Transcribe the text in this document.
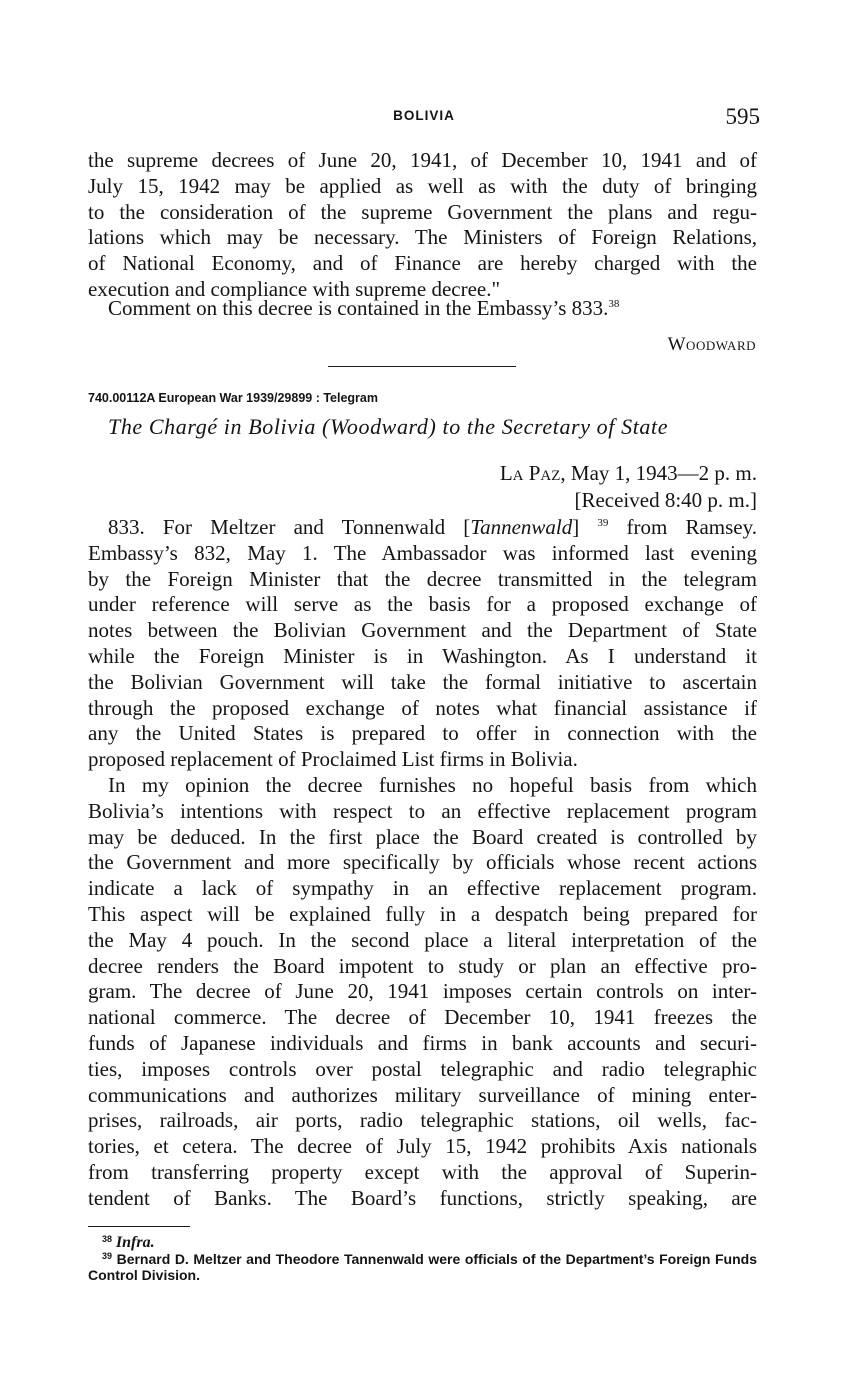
BOLIVIA	595
the supreme decrees of June 20, 1941, of December 10, 1941 and of
July 15, 1942 may be applied as well as with the duty of bringing
to the consideration of the supreme Government the plans and regu-
lations which may be necessary. The Ministers of Foreign Relations,
of National Economy, and of Finance are hereby charged with the
execution and compliance with supreme decree."
Comment on this decree is contained in the Embassy’s 833.38
Woodward
740.00112A European War 1939/29899 : Telegram
The Chargé in Bolivia (Woodward) to the Secretary of State
La Paz, May 1, 1943—2 p. m.
[Received 8:40 p. m.]
833. For Meltzer and Tonnenwald [Tannenwald] $^{39}$ from Ramsey.
Embassy’s 832, May 1. The Ambassador was informed last evening
by the Foreign Minister that the decree transmitted in the telegram
under reference will serve as the basis for a proposed exchange of
notes between the Bolivian Government and the Department of State
while the Foreign Minister is in Washington. As I understand it
the Bolivian Government will take the formal initiative to ascertain
through the proposed exchange of notes what financial assistance if
any the United States is prepared to offer in connection with the
proposed replacement of Proclaimed List firms in Bolivia.
In my opinion the decree furnishes no hopeful basis from which
Bolivia’s intentions with respect to an effective replacement program
may be deduced. In the first place the Board created is controlled by
the Government and more specifically by officials whose recent actions
indicate a lack of sympathy in an effective replacement program.
This aspect will be explained fully in a despatch being prepared for
the May 4 pouch. In the second place a literal interpretation of the
decree renders the Board impotent to study or plan an effective pro-
gram. The decree of June 20, 1941 imposes certain controls on inter-
national commerce. The decree of December 10, 1941 freezes the
funds of Japanese individuals and firms in bank accounts and securi-
ties, imposes controls over postal telegraphic and radio telegraphic
communications and authorizes military surveillance of mining enter-
prises, railroads, air ports, radio telegraphic stations, oil wells, fac-
tories, et cetera. The decree of July 15, 1942 prohibits Axis nationals
from transferring property except with the approval of Superin-
tendent of Banks. The Board’s functions, strictly speaking, are
$^{38}$ Infra.
$^{39}$ Bernard D. Meltzer and Theodore Tannenwald were officials of the Department’s Foreign Funds Control Division.
